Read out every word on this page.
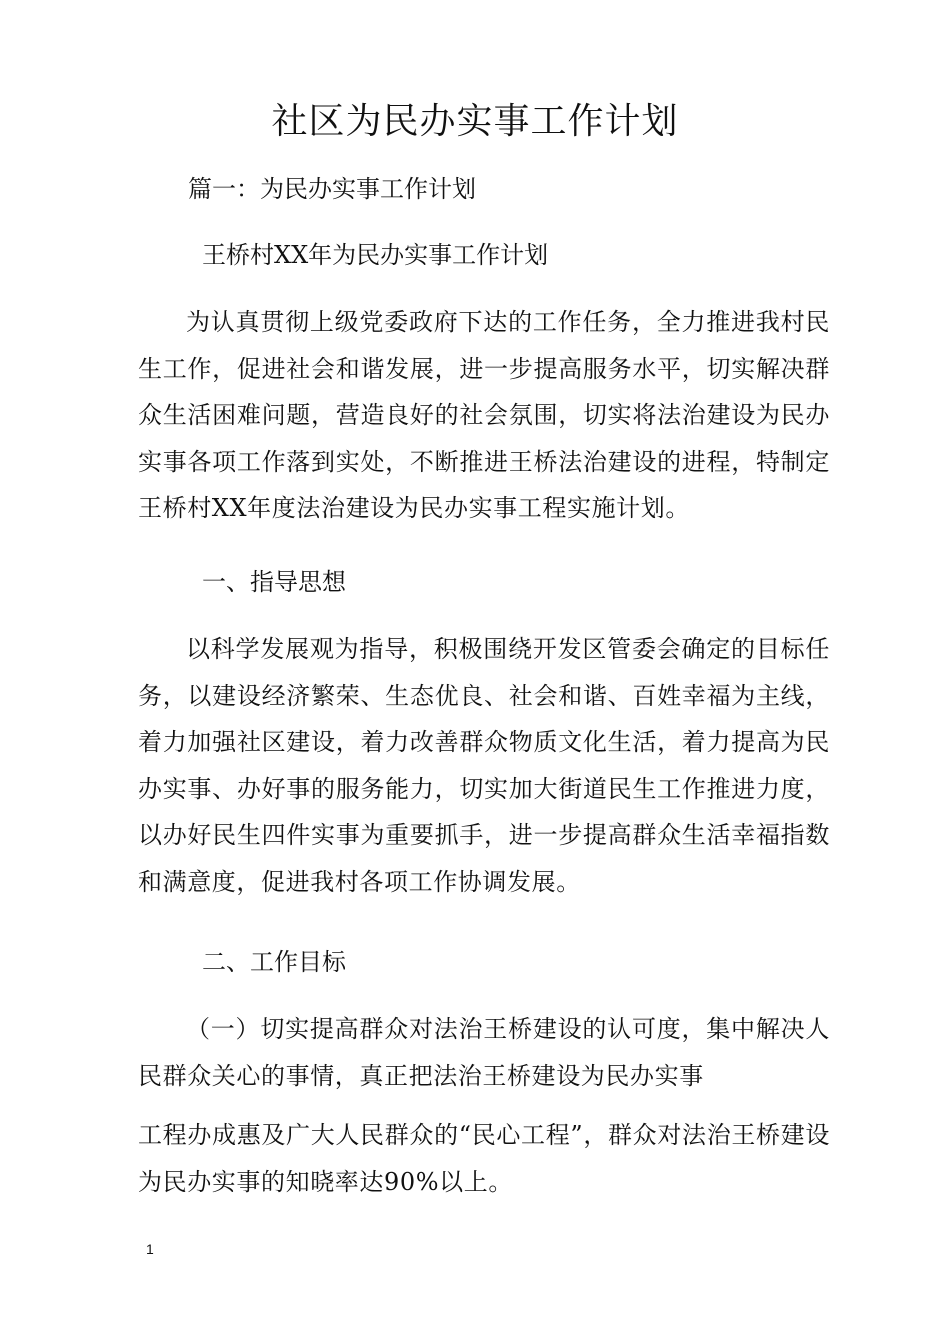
社区为民办实事工作计划
篇一：为民办实事工作计划
王桥村XX年为民办实事工作计划

为认真贯彻上级党委政府下达的工作任务，全力推进我村民生工作，促进社会和谐发展，进一步提高服务水平，切实解决群众生活困难问题，营造良好的社会氛围，切实将法治建设为民办实事各项工作落到实处，不断推进王桥法治建设的进程，特制定王桥村XX年度法治建设为民办实事工程实施计划。

一、指导思想

以科学发展观为指导，积极围绕开发区管委会确定的目标任务，以建设经济繁荣、生态优良、社会和谐、百姓幸福为主线，着力加强社区建设，着力改善群众物质文化生活，着力提高为民办实事、办好事的服务能力，切实加大街道民生工作推进力度，以办好民生四件实事为重要抓手，进一步提高群众生活幸福指数和满意度，促进我村各项工作协调发展。

二、工作目标

（一）切实提高群众对法治王桥建设的认可度，集中解决人民群众关心的事情，真正把法治王桥建设为民办实事

工程办成惠及广大人民群众的“民心工程”，群众对法治王桥建设为民办实事的知晓率达90%以上。

1
